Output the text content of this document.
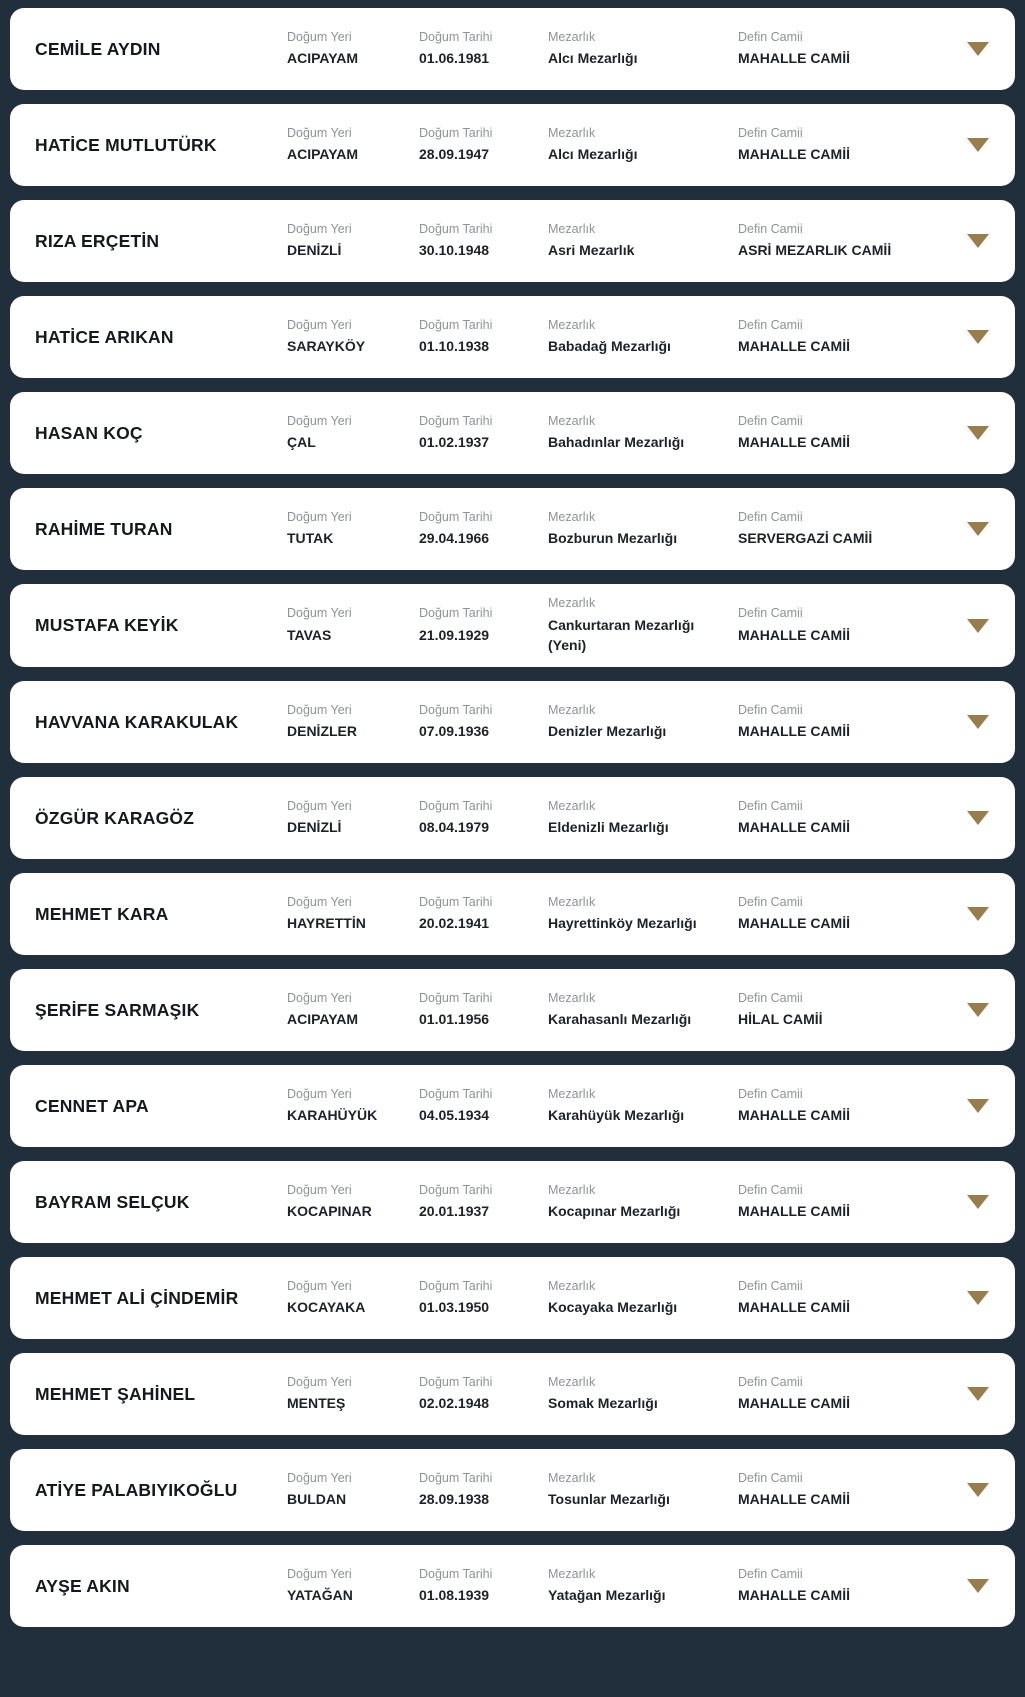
CEMİLE AYDIN
Doğum Yeri
ACIPAYAM
Doğum Tarihi
01.06.1981
Mezarlık
Alcı Mezarlığı
Defin Camii
MAHALLE CAMİİ
HATİCE MUTLUTÜRK
Doğum Yeri
ACIPAYAM
Doğum Tarihi
28.09.1947
Mezarlık
Alcı Mezarlığı
Defin Camii
MAHALLE CAMİİ
RIZA ERÇETİN
Doğum Yeri
DENİZLİ
Doğum Tarihi
30.10.1948
Mezarlık
Asri Mezarlık
Defin Camii
ASRİ MEZARLIK CAMİİ
HATİCE ARIKAN
Doğum Yeri
SARAYKÖY
Doğum Tarihi
01.10.1938
Mezarlık
Babadağ Mezarlığı
Defin Camii
MAHALLE CAMİİ
HASAN KOÇ
Doğum Yeri
ÇAL
Doğum Tarihi
01.02.1937
Mezarlık
Bahadınlar Mezarlığı
Defin Camii
MAHALLE CAMİİ
RAHİME TURAN
Doğum Yeri
TUTAK
Doğum Tarihi
29.04.1966
Mezarlık
Bozburun Mezarlığı
Defin Camii
SERVERGAZİ CAMİİ
MUSTAFA KEYİK
Doğum Yeri
TAVAS
Doğum Tarihi
21.09.1929
Mezarlık
Cankurtaran Mezarlığı (Yeni)
Defin Camii
MAHALLE CAMİİ
HAVVANA KARAKULAK
Doğum Yeri
DENİZLER
Doğum Tarihi
07.09.1936
Mezarlık
Denizler Mezarlığı
Defin Camii
MAHALLE CAMİİ
ÖZGÜR KARAGÖZ
Doğum Yeri
DENİZLİ
Doğum Tarihi
08.04.1979
Mezarlık
Eldenizli Mezarlığı
Defin Camii
MAHALLE CAMİİ
MEHMET KARA
Doğum Yeri
HAYRETTİN
Doğum Tarihi
20.02.1941
Mezarlık
Hayrettinköy Mezarlığı
Defin Camii
MAHALLE CAMİİ
ŞERİFE SARMAŞIK
Doğum Yeri
ACIPAYAM
Doğum Tarihi
01.01.1956
Mezarlık
Karahasanlı Mezarlığı
Defin Camii
HİLAL CAMİİ
CENNET APA
Doğum Yeri
KARAHÜYÜK
Doğum Tarihi
04.05.1934
Mezarlık
Karahüyük Mezarlığı
Defin Camii
MAHALLE CAMİİ
BAYRAM SELÇUK
Doğum Yeri
KOCAPINAR
Doğum Tarihi
20.01.1937
Mezarlık
Kocapınar Mezarlığı
Defin Camii
MAHALLE CAMİİ
MEHMET ALİ ÇİNDEMİR
Doğum Yeri
KOCAYAKA
Doğum Tarihi
01.03.1950
Mezarlık
Kocayaka Mezarlığı
Defin Camii
MAHALLE CAMİİ
MEHMET ŞAHİNEL
Doğum Yeri
MENTEŞ
Doğum Tarihi
02.02.1948
Mezarlık
Somak Mezarlığı
Defin Camii
MAHALLE CAMİİ
ATİYE PALABIYIKOĞLU
Doğum Yeri
BULDAN
Doğum Tarihi
28.09.1938
Mezarlık
Tosunlar Mezarlığı
Defin Camii
MAHALLE CAMİİ
AYŞE AKIN
Doğum Yeri
YATAĞAN
Doğum Tarihi
01.08.1939
Mezarlık
Yatağan Mezarlığı
Defin Camii
MAHALLE CAMİİ
